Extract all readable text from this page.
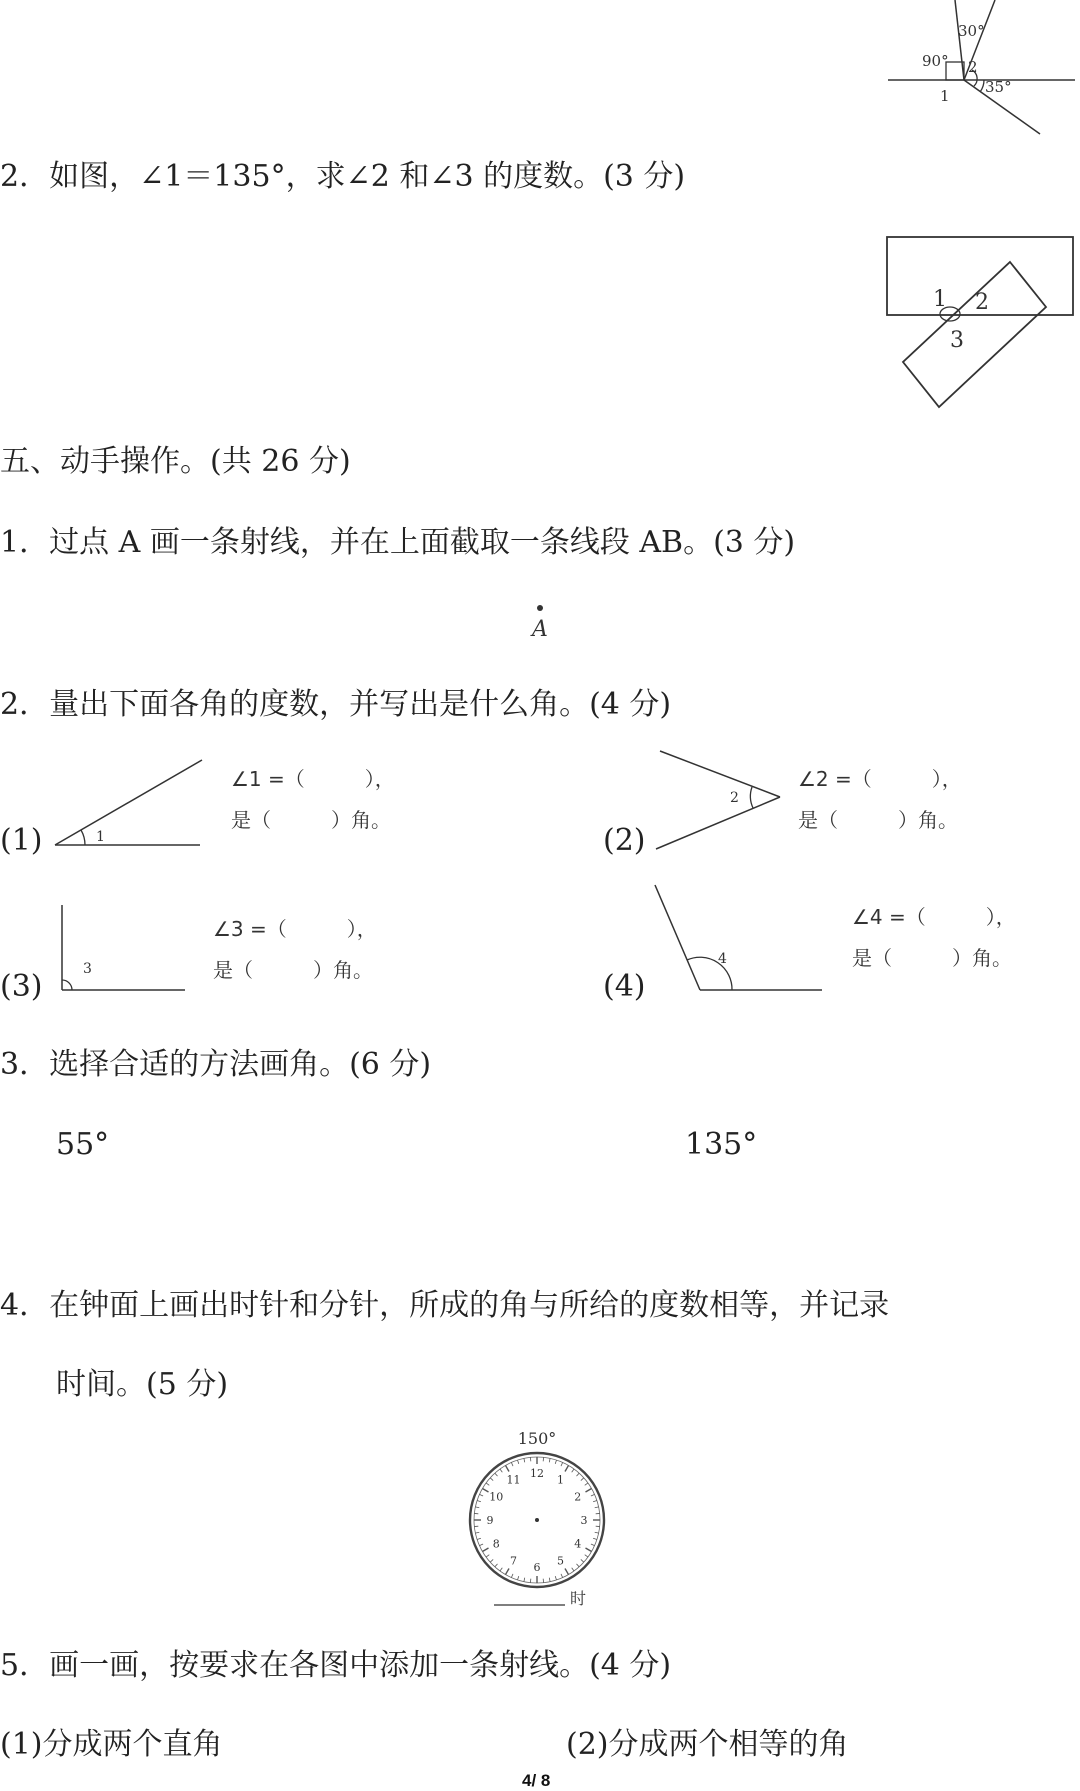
30°
90° 2
35°
1
2．如图，∠1＝135°，求∠2 和∠3 的度数。(3 分)
1 2
3
五、动手操作。(共 26 分)
1．过点 A 画一条射线，并在上面截取一条线段 AB。(3 分)
A
2．量出下面各角的度数，并写出是什么角。(4 分)
(1)	1
∠1 =（　　　），
是（　　　）角。
(2)
2
∠2 =（　　　），
是（　　　）角。
(3)	3
∠3 =（　　　），
是（　　　）角。	(4)
4
∠4 =（　　　），
是（　　　）角。
3．选择合适的方法画角。(6 分)
55°	135°
4．在钟面上画出时针和分针，所成的角与所给的度数相等，并记录
时间。(5 分)
150°
12 1
2
3
4
5
6
7
8
9
10
11
时
5．画一画，按要求在各图中添加一条射线。(4 分)
(1)分成两个直角	(2)分成两个相等的角
4/ 8
